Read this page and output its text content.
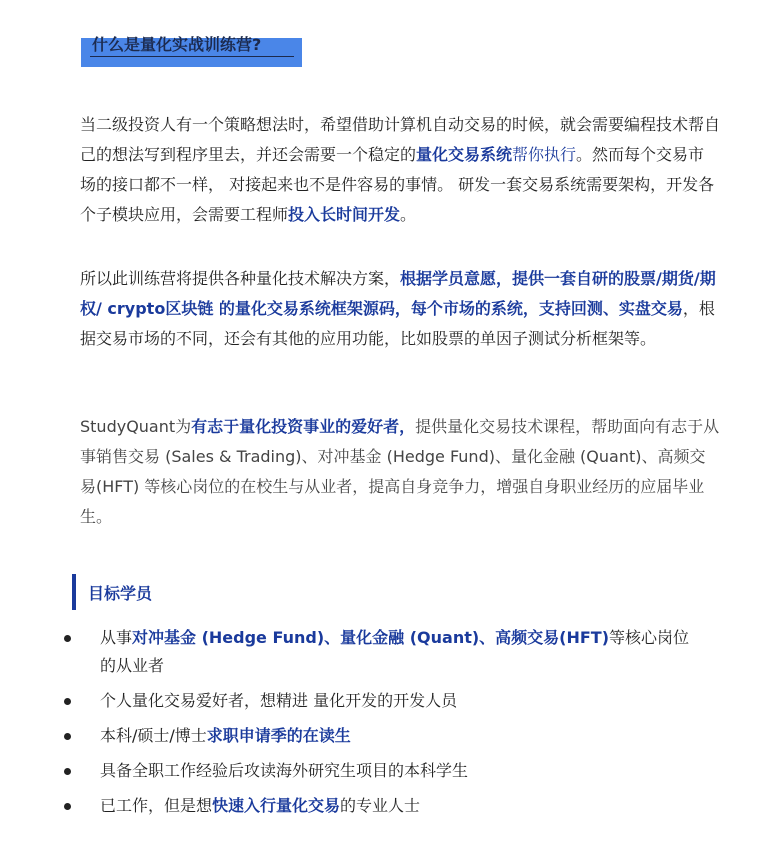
什么是量化实战训练营?
当二级投资人有一个策略想法时，希望借助计算机自动交易的时候，就会需要编程技术帮自己的想法写到程序里去，并还会需要一个稳定的量化交易系统帮你执行。然而每个交易市场的接口都不一样， 对接起来也不是件容易的事情。 研发一套交易系统需要架构，开发各个子模块应用，会需要工程师投入长时间开发。
所以此训练营将提供各种量化技术解决方案，根据学员意愿，提供一套自研的股票/期货/期权/ crypto区块链 的量化交易系统框架源码，每个市场的系统，支持回测、实盘交易，根据交易市场的不同，还会有其他的应用功能，比如股票的单因子测试分析框架等。
StudyQuant为有志于量化投资事业的爱好者，提供量化交易技术课程，帮助面向有志于从事销售交易 (Sales & Trading)、对冲基金 (Hedge Fund)、量化金融 (Quant)、高频交易(HFT) 等核心岗位的在校生与从业者，提高自身竞争力，增强自身职业经历的应届毕业生。
目标学员
从事对冲基金 (Hedge Fund)、量化金融 (Quant)、高频交易(HFT)等核心岗位的从业者
个人量化交易爱好者，想精进 量化开发的开发人员
本科/硕士/博士求职申请季的在读生
具备全职工作经验后攻读海外研究生项目的本科学生
已工作，但是想快速入行量化交易的专业人士
